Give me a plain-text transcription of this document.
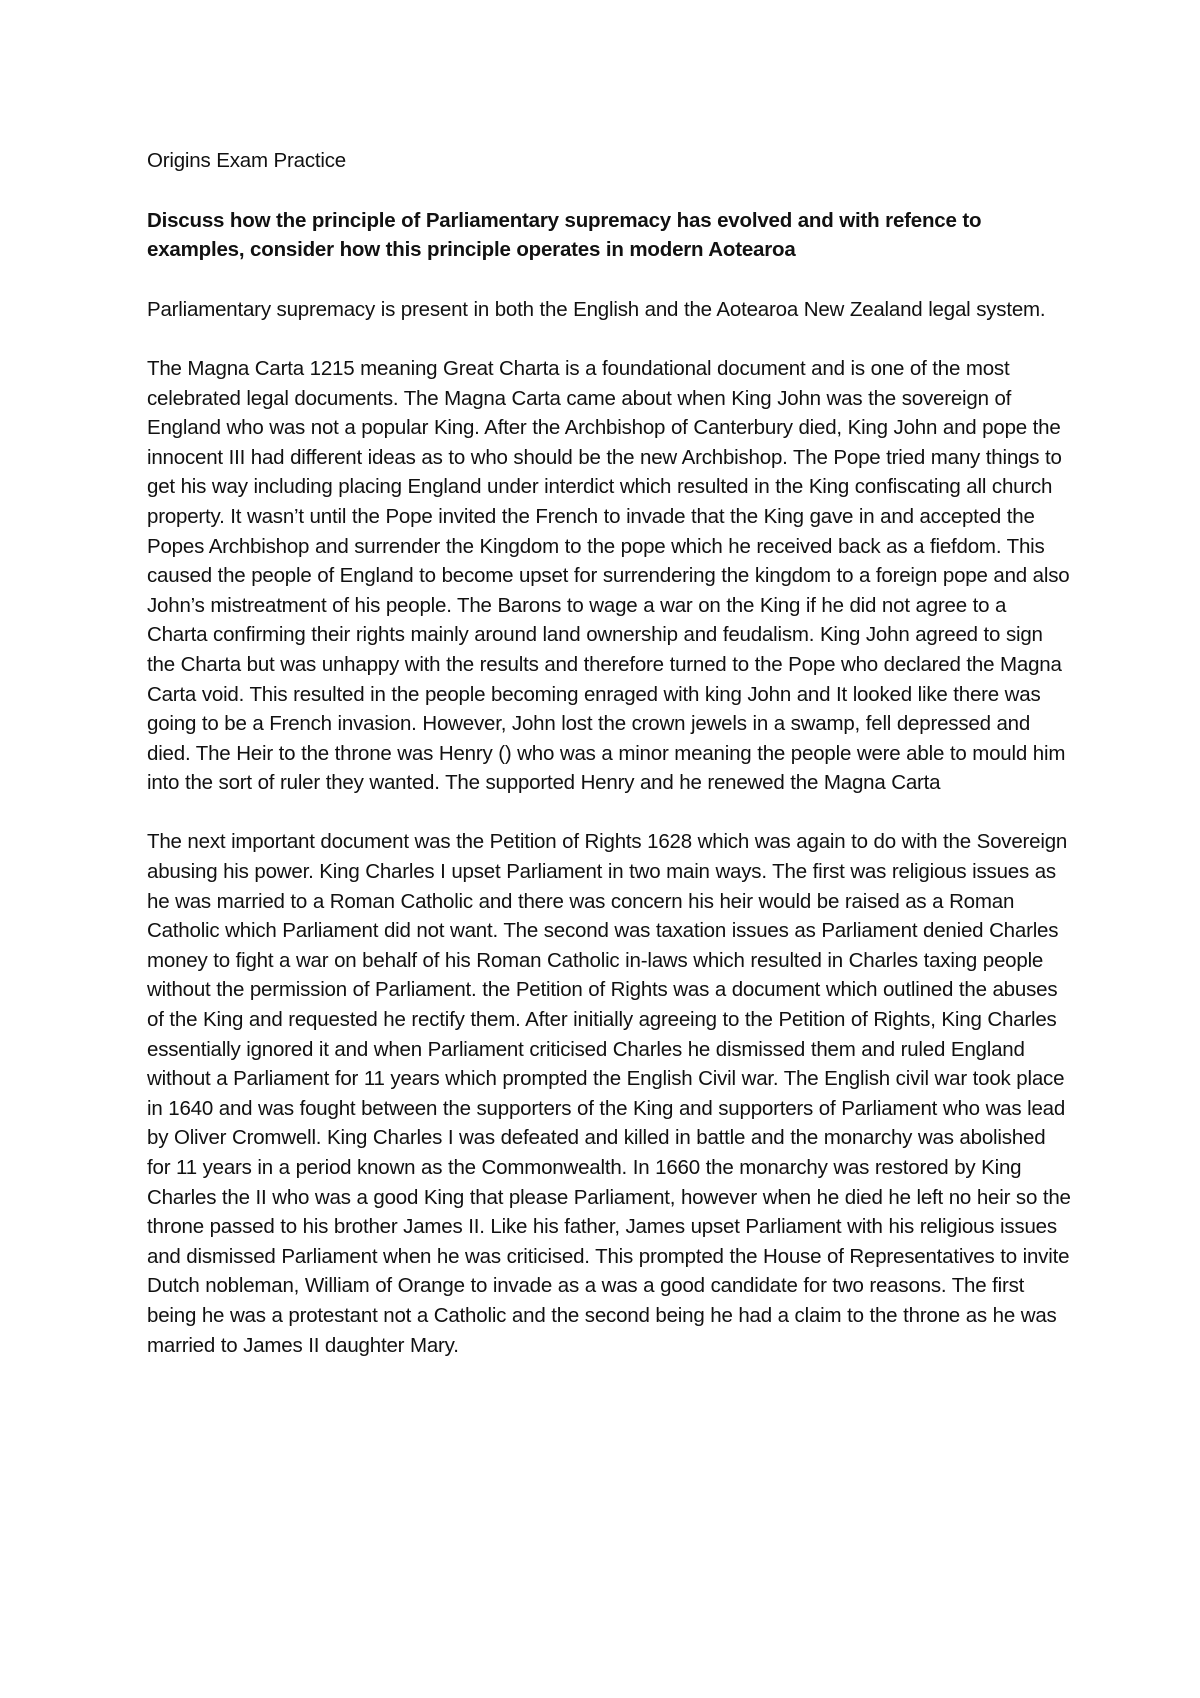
Origins Exam Practice

Discuss how the principle of Parliamentary supremacy has evolved and with refence to examples, consider how this principle operates in modern Aotearoa

Parliamentary supremacy is present in both the English and the Aotearoa New Zealand legal system.

The Magna Carta 1215 meaning Great Charta is a foundational document and is one of the most celebrated legal documents. The Magna Carta came about when King John was the sovereign of England who was not a popular King. After the Archbishop of Canterbury died, King John and pope the innocent III had different ideas as to who should be the new Archbishop. The Pope tried many things to get his way including placing England under interdict which resulted in the King confiscating all church property. It wasn’t until the Pope invited the French to invade that the King gave in and accepted the Popes Archbishop and surrender the Kingdom to the pope which he received back as a fiefdom. This caused the people of England to become upset for surrendering the kingdom to a foreign pope and also John’s mistreatment of his people. The Barons to wage a war on the King if he did not agree to a Charta confirming their rights mainly around land ownership and feudalism. King John agreed to sign the Charta but was unhappy with the results and therefore turned to the Pope who declared the Magna Carta void. This resulted in the people becoming enraged with king John and It looked like there was going to be a French invasion. However, John lost the crown jewels in a swamp, fell depressed and died. The Heir to the throne was Henry () who was a minor meaning the people were able to mould him into the sort of ruler they wanted. The supported Henry and he renewed the Magna Carta

The next important document was the Petition of Rights 1628 which was again to do with the Sovereign abusing his power. King Charles I upset Parliament in two main ways. The first was religious issues as he was married to a Roman Catholic and there was concern his heir would be raised as a Roman Catholic which Parliament did not want. The second was taxation issues as Parliament denied Charles money to fight a war on behalf of his Roman Catholic in-laws which resulted in Charles taxing people without the permission of Parliament. the Petition of Rights was a document which outlined the abuses of the King and requested he rectify them. After initially agreeing to the Petition of Rights, King Charles essentially ignored it and when Parliament criticised Charles he dismissed them and ruled England without a Parliament for 11 years which prompted the English Civil war. The English civil war took place in 1640 and was fought between the supporters of the King and supporters of Parliament who was lead by Oliver Cromwell. King Charles I was defeated and killed in battle and the monarchy was abolished for 11 years in a period known as the Commonwealth. In 1660 the monarchy was restored by King Charles the II who was a good King that please Parliament, however when he died he left no heir so the throne passed to his brother James II. Like his father, James upset Parliament with his religious issues and dismissed Parliament when he was criticised. This prompted the House of Representatives to invite Dutch nobleman, William of Orange to invade as a was a good candidate for two reasons. The first being he was a protestant not a Catholic and the second being he had a claim to the throne as he was married to James II daughter Mary.
